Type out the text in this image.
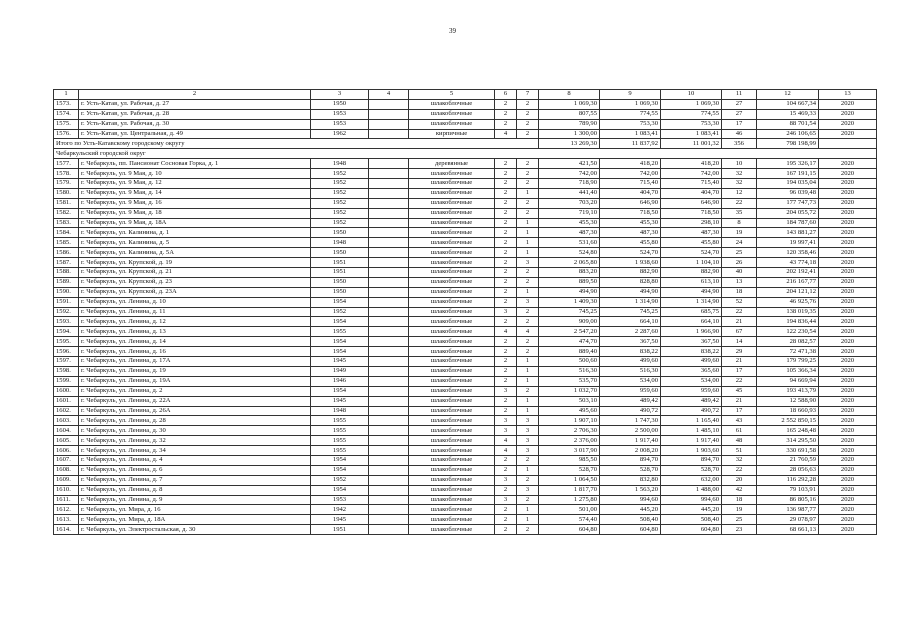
39
1	2	3	4	5	6	7	8	9	10	11	12	13
1573.	г. Усть-Катав, ул. Рабочая, д. 27	1950		шлакоблочные	2	2	1 069,30	1 069,30	1 069,30	27	104 667,34	2020
1574.	г. Усть-Катав, ул. Рабочая, д. 28	1953		шлакоблочные	2	2	807,55	774,55	774,55	27	15 469,33	2020
1575.	г. Усть-Катав, ул. Рабочая, д. 30	1953		шлакоблочные	2	2	789,90	753,30	753,30	17	88 701,54	2020
1576.	г. Усть-Катав, ул. Центральная, д. 49	1962		кирпичные	4	2	1 300,00	1 083,41	1 083,41	46	246 106,65	2020
Итого по Усть-Катавскому городскому округу							13 269,30	11 837,92	11 001,32	356	798 198,99	
Чебаркульский городской округ												
1577.	г. Чебаркуль, пп. Пансионат Сосновая Горка, д. 1	1948		деревянные	2	2	421,50	418,20	418,20	10	195 326,17	2020
1578.	г. Чебаркуль, ул. 9 Мая, д. 10	1952		шлакоблочные	2	2	742,00	742,00	742,00	32	167 191,15	2020
1579.	г. Чебаркуль, ул. 9 Мая, д. 12	1952		шлакоблочные	2	2	718,90	715,40	715,40	32	194 035,04	2020
1580.	г. Чебаркуль, ул. 9 Мая, д. 14	1952		шлакоблочные	2	1	441,40	404,70	404,70	12	96 039,48	2020
1581.	г. Чебаркуль, ул. 9 Мая, д. 16	1952		шлакоблочные	2	2	703,20	646,90	646,90	22	177 747,73	2020
1582.	г. Чебаркуль, ул. 9 Мая, д. 18	1952		шлакоблочные	2	2	719,10	718,50	718,50	35	204 055,72	2020
1583.	г. Чебаркуль, ул. 9 Мая, д. 18А	1952		шлакоблочные	2	1	455,30	455,30	298,10	8	184 787,60	2020
1584.	г. Чебаркуль, ул. Калинина, д. 1	1950		шлакоблочные	2	1	487,30	487,30	487,30	19	143 881,27	2020
1585.	г. Чебаркуль, ул. Калинина, д. 5	1948		шлакоблочные	2	1	531,60	455,80	455,80	24	19 997,41	2020
1586.	г. Чебаркуль, ул. Калинина, д. 5А	1950		шлакоблочные	2	1	524,80	524,70	524,70	25	120 358,46	2020
1587.	г. Чебаркуль, ул. Крупской, д. 19	1951		шлакоблочные	2	3	2 065,80	1 938,60	1 104,10	26	43 774,18	2020
1588.	г. Чебаркуль, ул. Крупской, д. 21	1951		шлакоблочные	2	2	883,20	882,90	882,90	40	202 192,41	2020
1589.	г. Чебаркуль, ул. Крупской, д. 23	1950		шлакоблочные	2	2	889,50	828,80	613,10	13	216 167,77	2020
1590.	г. Чебаркуль, ул. Крупской, д. 23А	1950		шлакоблочные	2	1	494,90	494,90	494,90	18	204 121,12	2020
1591.	г. Чебаркуль, ул. Ленина, д. 10	1954		шлакоблочные	2	3	1 409,30	1 314,90	1 314,90	52	46 925,76	2020
1592.	г. Чебаркуль, ул. Ленина, д. 11	1952		шлакоблочные	3	2	745,25	745,25	685,75	22	138 019,35	2020
1593.	г. Чебаркуль, ул. Ленина, д. 12	1954		шлакоблочные	2	2	909,00	664,10	664,10	21	194 836,44	2020
1594.	г. Чебаркуль, ул. Ленина, д. 13	1955		шлакоблочные	4	4	2 547,20	2 287,60	1 966,90	67	122 230,54	2020
1595.	г. Чебаркуль, ул. Ленина, д. 14	1954		шлакоблочные	2	2	474,70	367,50	367,50	14	28 082,57	2020
1596.	г. Чебаркуль, ул. Ленина, д. 16	1954		шлакоблочные	2	2	889,40	838,22	838,22	29	72 471,38	2020
1597.	г. Чебаркуль, ул. Ленина, д. 17А	1945		шлакоблочные	2	1	500,60	499,60	499,60	21	179 799,25	2020
1598.	г. Чебаркуль, ул. Ленина, д. 19	1949		шлакоблочные	2	1	516,30	516,30	365,60	17	105 366,34	2020
1599.	г. Чебаркуль, ул. Ленина, д. 19А	1946		шлакоблочные	2	1	535,70	534,00	534,00	22	94 669,94	2020
1600.	г. Чебаркуль, ул. Ленина, д. 2	1954		шлакоблочные	3	2	1 032,70	959,60	959,60	45	193 413,79	2020
1601.	г. Чебаркуль, ул. Ленина, д. 22А	1945		шлакоблочные	2	1	503,10	489,42	489,42	21	12 588,90	2020
1602.	г. Чебаркуль, ул. Ленина, д. 26А	1948		шлакоблочные	2	1	495,60	490,72	490,72	17	18 660,93	2020
1603.	г. Чебаркуль, ул. Ленина, д. 28	1955		шлакоблочные	3	3	1 907,10	1 747,30	1 165,40	43	2 552 850,15	2020
1604.	г. Чебаркуль, ул. Ленина, д. 30	1955		шлакоблочные	3	3	2 706,30	2 500,00	1 485,10	61	165 248,48	2020
1605.	г. Чебаркуль, ул. Ленина, д. 32	1955		шлакоблочные	4	3	2 376,00	1 917,40	1 917,40	48	314 295,50	2020
1606.	г. Чебаркуль, ул. Ленина, д. 34	1955		шлакоблочные	4	3	3 017,90	2 008,20	1 903,60	51	330 691,58	2020
1607.	г. Чебаркуль, ул. Ленина, д. 4	1954		шлакоблочные	2	2	985,50	894,70	894,70	32	21 760,59	2020
1608.	г. Чебаркуль, ул. Ленина, д. 6	1954		шлакоблочные	2	1	528,70	528,70	528,70	22	28 056,63	2020
1609.	г. Чебаркуль, ул. Ленина, д. 7	1952		шлакоблочные	3	2	1 064,50	832,80	632,00	20	116 292,28	2020
1610.	г. Чебаркуль, ул. Ленина, д. 8	1954		шлакоблочные	2	3	1 817,70	1 563,20	1 488,00	42	79 103,91	2020
1611.	г. Чебаркуль, ул. Ленина, д. 9	1953		шлакоблочные	3	2	1 275,80	994,60	994,60	18	86 805,16	2020
1612.	г. Чебаркуль, ул. Мира, д. 16	1942		шлакоблочные	2	1	501,00	445,20	445,20	19	136 987,77	2020
1613.	г. Чебаркуль, ул. Мира, д. 18А	1945		шлакоблочные	2	1	574,40	508,40	508,40	25	29 078,97	2020
1614.	г. Чебаркуль, ул. Электростальская, д. 30	1951		шлакоблочные	2	2	604,80	604,80	604,80	23	68 661,13	2020
